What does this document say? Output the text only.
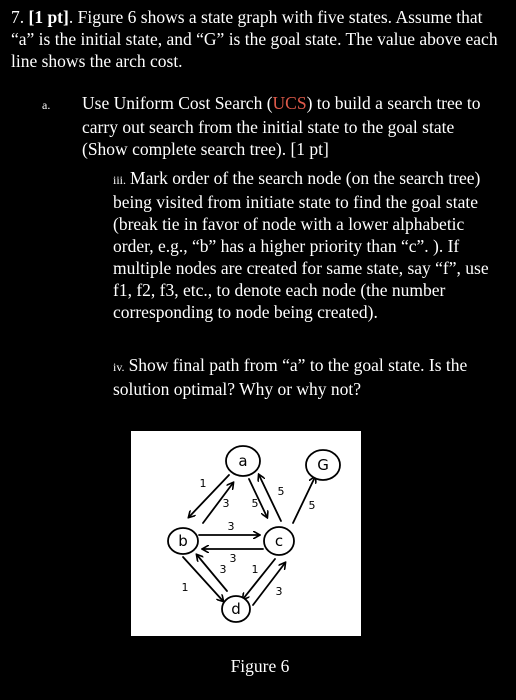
7. [1 pt]. Figure 6 shows a state graph with five states. Assume that “a” is the initial state, and “G” is the goal state. The value above each line shows the arch cost.

a. Use Uniform Cost Search (UCS) to build a search tree to carry out search from the initial state to the goal state (Show complete search tree). [1 pt]

iii. Mark order of the search node (on the search tree) being visited from initiate state to find the goal state (break tie in favor of node with a lower alphabetic order, e.g., “b” has a higher priority than “c”. ). If multiple nodes are created for same state, say “f”, use f1, f2, f3, etc., to denote each node (the number corresponding to node being created).

iv. Show final path from “a” to the goal state. Is the solution optimal? Why or why not?

a	G
b	c
d
1
3 5
5
5
3
3
1
3 1
3
Figure 6
